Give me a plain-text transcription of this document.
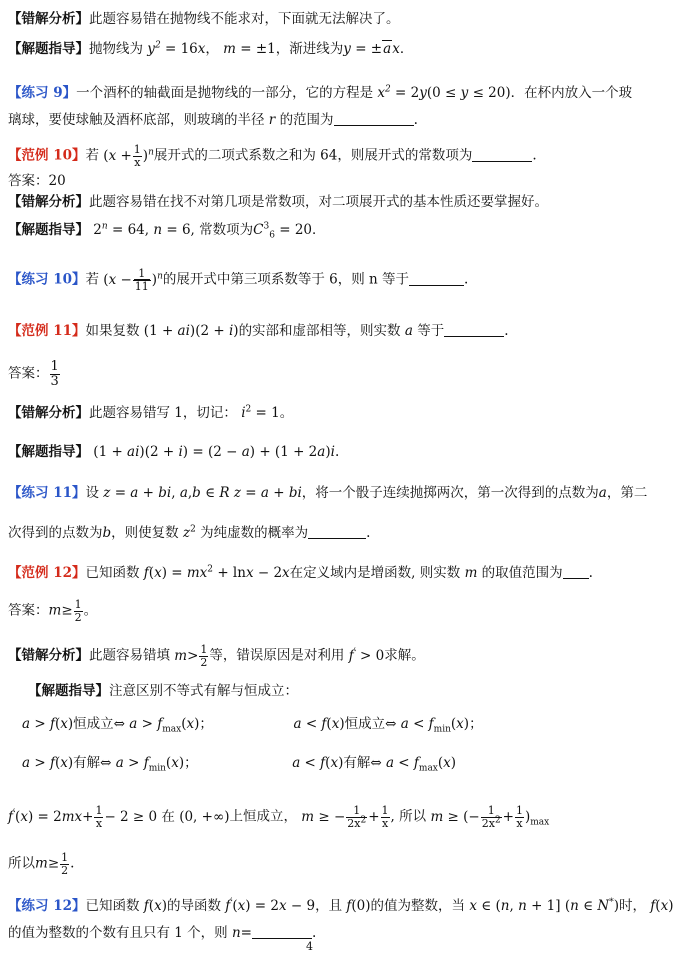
【错解分析】此题容易错在抛物线不能求对，下面就无法解决了。
【解题指导】抛物线为 $y^2 = 16x$， m = ±1，渐进线为y = ±ax．
【练习 9】一个酒杯的轴截面是抛物线的一部分，它的方程是 $x^2 = 2y(0 \le y \le 20)$．在杯内放入一个玻
璃球，要使球触及酒杯底部，则玻璃的半径 r 的范围为	.
【范例 10】若 $(x + \frac{1}{x} )^n$展开式的二项式系数之和为 64，则展开式的常数项为	.
答案：20
【错解分析】此题容易错在找不对第几项是常数项，对二项展开式的基本性质还要掌握好。
【解题指导】 $2^n = 64$, n = 6, 常数项为$C^3_6 = 20$．
【练习 10】若 $(x - \frac{1}{11} )^n$的展开式中第三项系数等于 6，则 n 等于	.
【范例 11】如果复数 (1 + ai)(2 + i)的实部和虚部相等，则实数 a 等于	.
答案： $\frac{1}{3}$
【错解分析】此题容易错写 1，切记： $i^2 = 1$。
【解题指导】 (1 + ai)(2 + i) = (2 − a) + (1 + 2a)i.
【练习 11】设 z = a + bi, a,b ∈ R z = a + bi，将一个骰子连续抛掷两次，第一次得到的点数为a，第二
次得到的点数为b，则使复数 $z^2$ 为纯虚数的概率为	.
【范例 12】已知函数 $f(x) = mx^2 + \ln x - 2x$在定义域内是增函数, 则实数 m 的取值范围为 .
答案：$m\ge \frac{1}{2}$ 。
【错解分析】此题容易错填 $m> \frac{1}{2}$ 等，错误原因是对利用 f′ > 0求解。
【解题指导】注意区别不等式有解与恒成立：
a > f(x)恒成立⇔ $a > f_{max}(x)$；	a < f(x)恒成立⇔ $a < f_{min}(x)$；
a > f(x)有解⇔ $a > f_{min}(x)$；	a < f(x)有解⇔ $a < f_{max}(x)$
$f'(x) = 2mx+ \frac{1}{x} - 2 \ge 0$ 在 (0, +∞)上恒成立， m ≥ − $\frac{1}{2x^2} + \frac{1}{x}$ , 所以 m ≥ (− $\frac{1}{2x^2} + \frac{1}{x} )_{max}$
所以$m\ge \frac{1}{2}$ .
【练习 12】已知函数 f(x)的导函数 f′(x) = 2x − 9，且 f(0)的值为整数，当 x ∈ (n, n + 1] (n ∈ N*)时， f(x)
的值为整数的个数有且只有 1 个，则 n=	.
4
